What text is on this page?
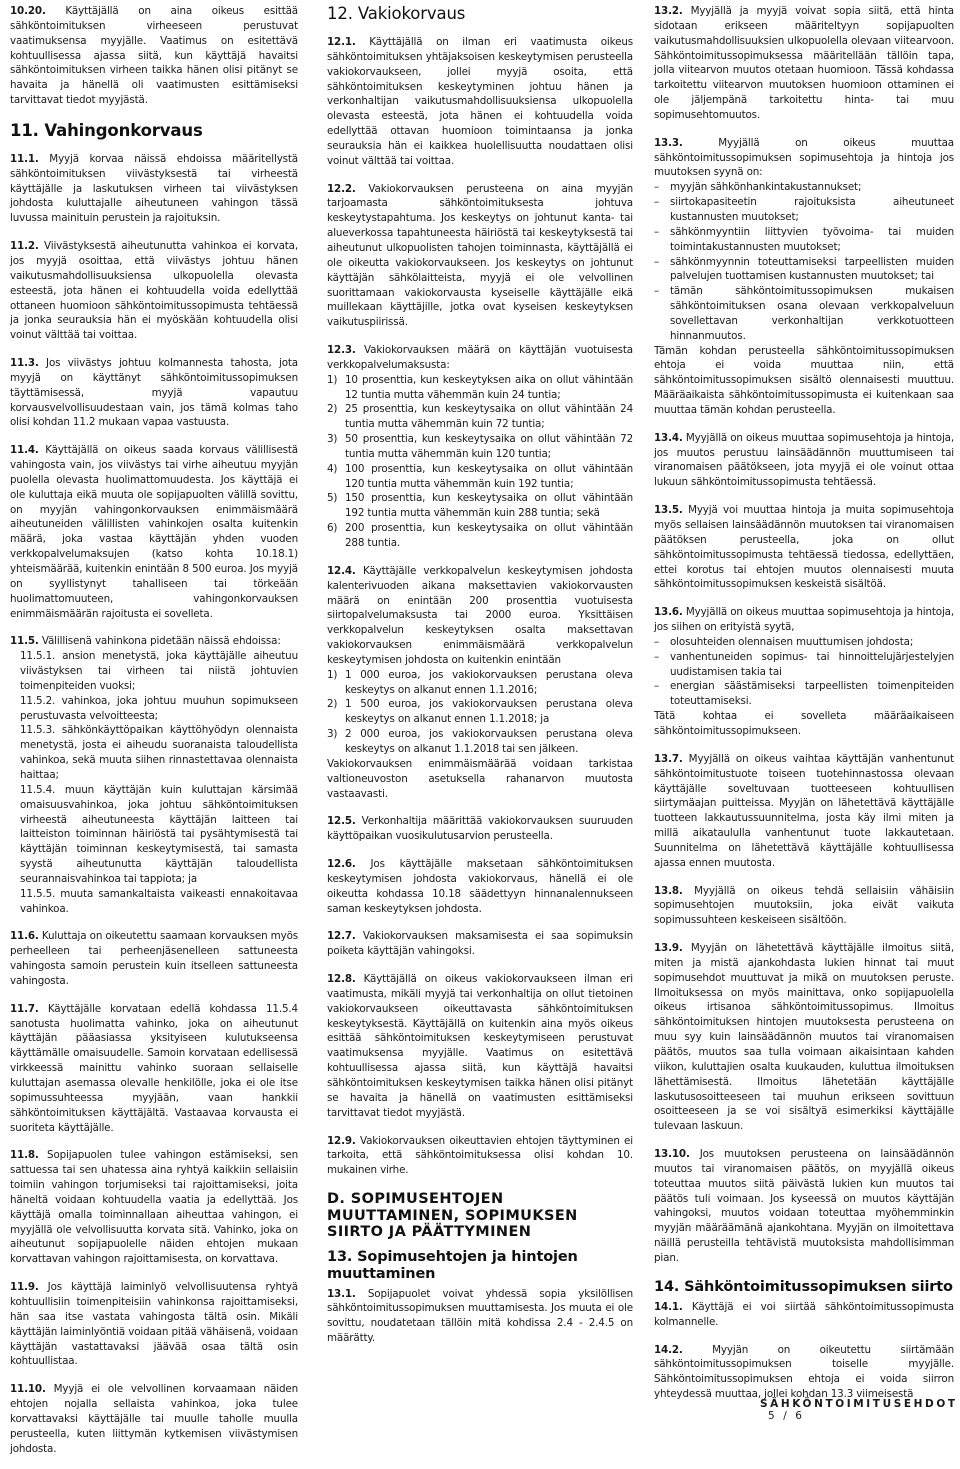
10.20. Käyttäjällä on aina oikeus esittää sähköntoimituksen virheeseen perustuvat vaatimuksensa myyjälle. Vaatimus on esitettävä kohtuullisessa ajassa siitä, kun käyttäjä havaitsi sähköntoimituksen virheen taikka hänen olisi pitänyt se havaita ja hänellä oli vaatimusten esittämiseksi tarvittavat tiedot myyjästä.

11. Vahingonkorvaus

11.1. Myyjä korvaa näissä ehdoissa määritellystä sähköntoimituksen viivästyksestä tai virheestä käyttäjälle ja laskutuksen virheen tai viivästyksen johdosta kuluttajalle aiheutuneen vahingon tässä luvussa mainituin perustein ja rajoituksin.

11.2. Viivästyksestä aiheutunutta vahinkoa ei korvata, jos myyjä osoittaa, että viivästys johtuu hänen vaikutusmahdollisuuksiensa ulkopuolella olevasta esteestä, jota hänen ei kohtuudella voida edellyttää ottaneen huomioon sähköntoimitussopimusta tehtäessä ja jonka seurauksia hän ei myöskään kohtuudella olisi voinut välttää tai voittaa.

11.3. Jos viivästys johtuu kolmannesta tahosta, jota myyjä on käyttänyt sähköntoimitussopimuksen täyttämisessä, myyjä vapautuu korvausvelvollisuudestaan vain, jos tämä kolmas taho olisi kohdan 11.2 mukaan vapaa vastuusta.

11.4. Käyttäjällä on oikeus saada korvaus välillisestä vahingosta vain, jos viivästys tai virhe aiheutuu myyjän puolella olevasta huolimattomuudesta. Jos käyttäjä ei ole kuluttaja eikä muuta ole sopijapuolten välillä sovittu, on myyjän vahingonkorvauksen enimmäismäärä aiheutuneiden välillisten vahinkojen osalta kuitenkin määrä, joka vastaa käyttäjän yhden vuoden verkkopalvelumaksujen (katso kohta 10.18.1) yhteismäärää, kuitenkin enintään 8 500 euroa. Jos myyjä on syyllistynyt tahalliseen tai törkeään huolimattomuuteen, vahingonkorvauksen enimmäismäärän rajoitusta ei sovelleta.

11.5. Välillisenä vahinkona pidetään näissä ehdoissa:

11.5.1. ansion menetystä, joka käyttäjälle aiheutuu viivästyksen tai virheen tai niistä johtuvien toimenpiteiden vuoksi;

11.5.2. vahinkoa, joka johtuu muuhun sopimukseen perustuvasta velvoitteesta;

11.5.3. sähkönkäyttöpaikan käyttöhyödyn olennaista menetystä, josta ei aiheudu suoranaista taloudellista vahinkoa, sekä muuta siihen rinnastettavaa olennaista haittaa;

11.5.4. muun käyttäjän kuin kuluttajan kärsimää omaisuusvahinkoa, joka johtuu sähköntoimituksen virheestä aiheutuneesta käyttäjän laitteen tai laitteiston toiminnan häiriöstä tai pysähtymisestä tai käyttäjän toiminnan keskeytymisestä, tai samasta syystä aiheutunutta käyttäjän taloudellista seurannaisvahinkoa tai tappiota; ja

11.5.5. muuta samankaltaista vaikeasti ennakoitavaa vahinkoa.

11.6. Kuluttaja on oikeutettu saamaan korvauksen myös perheelleen tai perheenjäsenelleen sattuneesta vahingosta samoin perustein kuin itselleen sattuneesta vahingosta.

11.7. Käyttäjälle korvataan edellä kohdassa 11.5.4 sanotusta huolimatta vahinko, joka on aiheutunut käyttäjän pääasiassa yksityiseen kulutukseensa käyttämälle omaisuudelle. Samoin korvataan edellisessä virkkeessä mainittu vahinko suoraan sellaiselle kuluttajan asemassa olevalle henkilölle, joka ei ole itse sopimussuhteessa myyjään, vaan hankkii sähköntoimituksen käyttäjältä. Vastaavaa korvausta ei suoriteta käyttäjälle.

11.8. Sopijapuolen tulee vahingon estämiseksi, sen sattuessa tai sen uhatessa aina ryhtyä kaikkiin sellaisiin toimiin vahingon torjumiseksi tai rajoittamiseksi, joita häneltä voidaan kohtuudella vaatia ja edellyttää. Jos käyttäjä omalla toiminnallaan aiheuttaa vahingon, ei myyjällä ole velvollisuutta korvata sitä. Vahinko, joka on aiheutunut sopijapuolelle näiden ehtojen mukaan korvattavan vahingon rajoittamisesta, on korvattava.

11.9. Jos käyttäjä laiminlyö velvollisuutensa ryhtyä kohtuullisiin toimenpiteisiin vahinkonsa rajoittamiseksi, hän saa itse vastata vahingosta tältä osin. Mikäli käyttäjän laiminlyöntiä voidaan pitää vähäisenä, voidaan käyttäjän vastattavaksi jäävää osaa tältä osin kohtuullistaa.

11.10. Myyjä ei ole velvollinen korvaamaan näiden ehtojen nojalla sellaista vahinkoa, joka tulee korvattavaksi käyttäjälle tai muulle taholle muulla perusteella, kuten liittymän kytkemisen viivästymisen johdosta.

12. Vakiokorvaus

12.1. Käyttäjällä on ilman eri vaatimusta oikeus sähköntoimituksen yhtäjaksoisen keskeytymisen perusteella vakiokorvaukseen, jollei myyjä osoita, että sähköntoimituksen keskeytyminen johtuu hänen ja verkonhaltijan vaikutusmahdollisuuksiensa ulkopuolella olevasta esteestä, jota hänen ei kohtuudella voida edellyttää ottavan huomioon toimintaansa ja jonka seurauksia hän ei kaikkea huolellisuutta noudattaen olisi voinut välttää tai voittaa.

12.2. Vakiokorvauksen perusteena on aina myyjän tarjoamasta sähköntoimituksesta johtuva keskeytystapahtuma. Jos keskeytys on johtunut kanta- tai alueverkossa tapahtuneesta häiriöstä tai keskeytyksestä tai aiheutunut ulkopuolisten tahojen toiminnasta, käyttäjällä ei ole oikeutta vakiokorvaukseen. Jos keskeytys on johtunut käyttäjän sähkölaitteista, myyjä ei ole velvollinen suorittamaan vakiokorvausta kyseiselle käyttäjälle eikä muillekaan käyttäjille, jotka ovat kyseisen keskeytyksen vaikutuspiirissä.

12.3. Vakiokorvauksen määrä on käyttäjän vuotuisesta verkkopalvelumaksusta:

1) 10 prosenttia, kun keskeytyksen aika on ollut vähintään 12 tuntia mutta vähemmän kuin 24 tuntia;
2) 25 prosenttia, kun keskeytysaika on ollut vähintään 24 tuntia mutta vähemmän kuin 72 tuntia;
3) 50 prosenttia, kun keskeytysaika on ollut vähintään 72 tuntia mutta vähemmän kuin 120 tuntia;
4) 100 prosenttia, kun keskeytysaika on ollut vähintään 120 tuntia mutta vähemmän kuin 192 tuntia;
5) 150 prosenttia, kun keskeytysaika on ollut vähintään 192 tuntia mutta vähemmän kuin 288 tuntia; sekä
6) 200 prosenttia, kun keskeytysaika on ollut vähintään 288 tuntia.

12.4. Käyttäjälle verkkopalvelun keskeytymisen johdosta kalenterivuoden aikana maksettavien vakiokorvausten määrä on enintään 200 prosenttia vuotuisesta siirtopalvelumaksusta tai 2000 euroa. Yksittäisen verkkopalvelun keskeytyksen osalta maksettavan vakiokorvauksen enimmäismäärä verkkopalvelun keskeytymisen johdosta on kuitenkin enintään

1) 1 000 euroa, jos vakiokorvauksen perustana oleva keskeytys on alkanut ennen 1.1.2016;
2) 1 500 euroa, jos vakiokorvauksen perustana oleva keskeytys on alkanut ennen 1.1.2018; ja
3) 2 000 euroa, jos vakiokorvauksen perustana oleva keskeytys on alkanut 1.1.2018 tai sen jälkeen.

Vakiokorvauksen enimmäismäärää voidaan tarkistaa valtioneuvoston asetuksella rahanarvon muutosta vastaavasti.

12.5. Verkonhaltija määrittää vakiokorvauksen suuruuden käyttöpaikan vuosikulutusarvion perusteella.

12.6. Jos käyttäjälle maksetaan sähköntoimituksen keskeytymisen johdosta vakiokorvaus, hänellä ei ole oikeutta kohdassa 10.18 säädettyyn hinnanalennukseen saman keskeytyksen johdosta.

12.7. Vakiokorvauksen maksamisesta ei saa sopimuksin poiketa käyttäjän vahingoksi.

12.8. Käyttäjällä on oikeus vakiokorvaukseen ilman eri vaatimusta, mikäli myyjä tai verkonhaltija on ollut tietoinen vakiokorvaukseen oikeuttavasta sähköntoimituksen keskeytyksestä. Käyttäjällä on kuitenkin aina myös oikeus esittää sähköntoimituksen keskeytymiseen perustuvat vaatimuksensa myyjälle. Vaatimus on esitettävä kohtuullisessa ajassa siitä, kun käyttäjä havaitsi sähköntoimituksen keskeytymisen taikka hänen olisi pitänyt se havaita ja hänellä on vaatimusten esittämiseksi tarvittavat tiedot myyjästä.

12.9. Vakiokorvauksen oikeuttavien ehtojen täyttyminen ei tarkoita, että sähköntoimituksessa olisi kohdan 10. mukainen virhe.

D. SOPIMUSEHTOJEN MUUTTAMINEN, SOPIMUKSEN SIIRTO JA PÄÄTTYMINEN
13. Sopimusehtojen ja hintojen muuttaminen

13.1. Sopijapuolet voivat yhdessä sopia yksilöllisen sähköntoimitussopimuksen muuttamisesta. Jos muuta ei ole sovittu, noudatetaan tällöin mitä kohdissa 2.4 - 2.4.5 on määrätty.

13.2. Myyjällä ja myyjä voivat sopia siitä, että hinta sidotaan erikseen määriteltyyn sopijapuolten vaikutusmahdollisuuksien ulkopuolella olevaan viitearvoon. Sähköntoimitussopimuksessa määritellään tällöin tapa, jolla viitearvon muutos otetaan huomioon. Tässä kohdassa tarkoitettu viitearvon muutoksen huomioon ottaminen ei ole jäljempänä tarkoitettu hinta- tai muu sopimusehtomuutos.

13.3. Myyjällä on oikeus muuttaa sähköntoimitussopimuksen sopimusehtoja ja hintoja jos muutoksen syynä on:

– myyjän sähkönhankintakustannukset;
– siirtokapasiteetin rajoituksista aiheutuneet kustannusten muutokset;
– sähkönmyyntiin liittyvien työvoima- tai muiden toimintakustannusten muutokset;
– sähkönmyynnin toteuttamiseksi tarpeellisten muiden palvelujen tuottamisen kustannusten muutokset; tai
– tämän sähköntoimitussopimuksen mukaisen sähköntoimituksen osana olevaan verkkopalveluun sovellettavan verkonhaltijan verkkotuotteen hinnanmuutos.

Tämän kohdan perusteella sähköntoimitussopimuksen ehtoja ei voida muuttaa niin, että sähköntoimitussopimuksen sisältö olennaisesti muuttuu. Määräaikaista sähköntoimitussopimusta ei kuitenkaan saa muuttaa tämän kohdan perusteella.

13.4. Myyjällä on oikeus muuttaa sopimusehtoja ja hintoja, jos muutos perustuu lainsäädännön muuttumiseen tai viranomaisen päätökseen, jota myyjä ei ole voinut ottaa lukuun sähköntoimitussopimusta tehtäessä.

13.5. Myyjä voi muuttaa hintoja ja muita sopimusehtoja myös sellaisen lainsäädännön muutoksen tai viranomaisen päätöksen perusteella, joka on ollut sähköntoimitussopimusta tehtäessä tiedossa, edellyttäen, ettei korotus tai ehtojen muutos olennaisesti muuta sähköntoimitussopimuksen keskeistä sisältöä.

13.6. Myyjällä on oikeus muuttaa sopimusehtoja ja hintoja, jos siihen on erityistä syytä,

– olosuhteiden olennaisen muuttumisen johdosta;
– vanhentuneiden sopimus- tai hinnoittelujärjestelyjen uudistamisen takia tai
– energian säästämiseksi tarpeellisten toimenpiteiden toteuttamiseksi.

Tätä kohtaa ei sovelleta määräaikaiseen sähköntoimitussopimukseen.

13.7. Myyjällä on oikeus vaihtaa käyttäjän vanhentunut sähköntoimitustuote toiseen tuotehinnastossa olevaan käyttäjälle soveltuvaan tuotteeseen kohtuullisen siirtymäajan puitteissa. Myyjän on lähetettävä käyttäjälle tuotteen lakkautussuunnitelma, josta käy ilmi miten ja millä aikataululla vanhentunut tuote lakkautetaan. Suunnitelma on lähetettävä käyttäjälle kohtuullisessa ajassa ennen muutosta.

13.8. Myyjällä on oikeus tehdä sellaisiin vähäisiin sopimusehtojen muutoksiin, joka eivät vaikuta sopimussuhteen keskeiseen sisältöön.

13.9. Myyjän on lähetettävä käyttäjälle ilmoitus siitä, miten ja mistä ajankohdasta lukien hinnat tai muut sopimusehdot muuttuvat ja mikä on muutoksen peruste. Ilmoituksessa on myös mainittava, onko sopijapuolella oikeus irtisanoa sähköntoimitussopimus. Ilmoitus sähköntoimituksen hintojen muutoksesta perusteena on muu syy kuin lainsäädännön muutos tai viranomaisen päätös, muutos saa tulla voimaan aikaisintaan kahden viikon, kuluttajien osalta kuukauden, kuluttua ilmoituksen lähettämisestä. Ilmoitus lähetetään käyttäjälle laskutusosoitteeseen tai muuhun erikseen sovittuun osoitteeseen ja se voi sisältyä esimerkiksi käyttäjälle tulevaan laskuun.

13.10. Jos muutoksen perusteena on lainsäädännön muutos tai viranomaisen päätös, on myyjällä oikeus toteuttaa muutos siitä päivästä lukien kun muutos tai päätös tuli voimaan. Jos kyseessä on muutos käyttäjän vahingoksi, muutos voidaan toteuttaa myöhemminkin myyjän määräämänä ajankohtana. Myyjän on ilmoitettava näillä perusteilla tehtävistä muutoksista mahdollisimman pian.

14. Sähköntoimitussopimuksen siirto

14.1. Käyttäjä ei voi siirtää sähköntoimitussopimusta kolmannelle.

14.2. Myyjän on oikeutettu siirtämään sähköntoimitussopimuksen toiselle myyjälle. Sähköntoimitussopimuksen ehtoja ei voida siirron yhteydessä muuttaa, jollei kohdan 13.3 viimeisestä

SÄHKÖNTOIMITUSEHDOT 5 / 6
